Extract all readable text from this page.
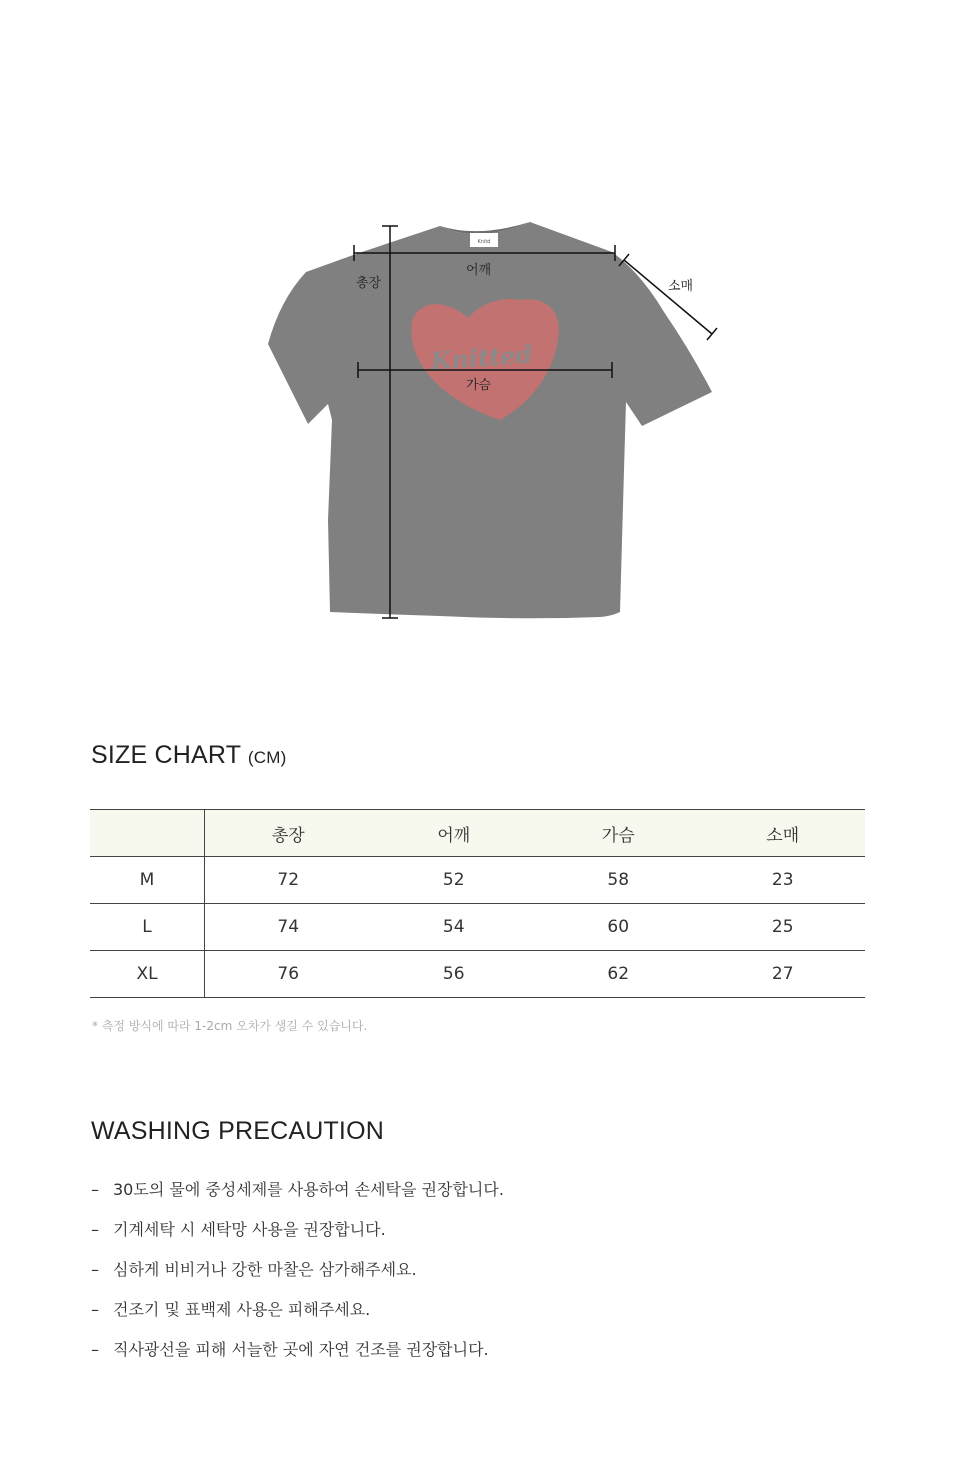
Knitd
Knitted
총장
어깨
가슴
소매
SIZE CHART (CM)
	총장	어깨	가슴	소매
M	72	52	58	23
L	74	54	60	25
XL	76	56	62	27

* 측정 방식에 따라 1-2cm 오차가 생길 수 있습니다.

WASHING PRECAUTION
– 30도의 물에 중성세제를 사용하여 손세탁을 권장합니다.
– 기계세탁 시 세탁망 사용을 권장합니다.
– 심하게 비비거나 강한 마찰은 삼가해주세요.
– 건조기 및 표백제 사용은 피해주세요.
– 직사광선을 피해 서늘한 곳에 자연 건조를 권장합니다.
